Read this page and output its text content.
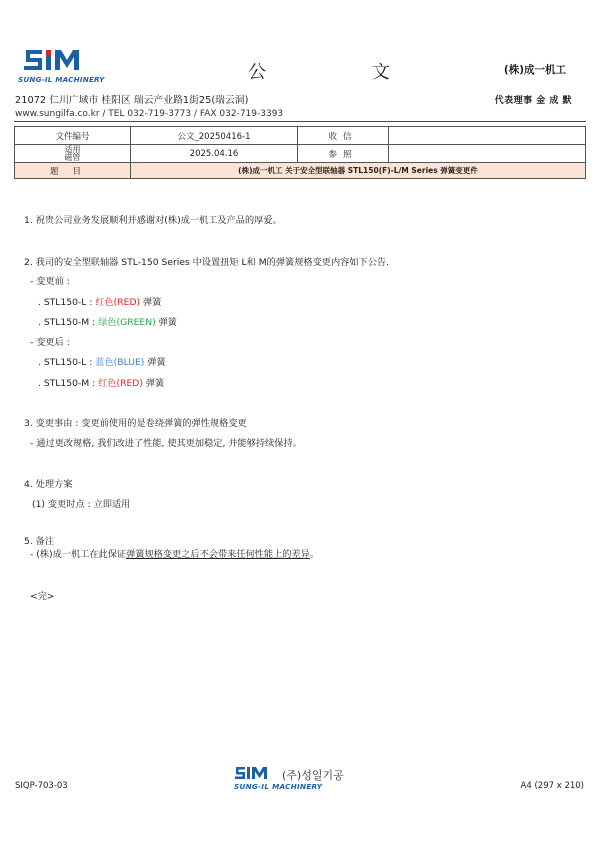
SUNG-IL MACHINERY	公 文	(株)成一机工
21072 仁川广域市 桂阳区 瑞云产业路1街25(瑞云洞)	代表理事 金 成 默
www.sungilfa.co.kr / TEL 032-719-3773 / FAX 032-719-3393
文件编号	公文_20250416-1	收信	

适用
磁管	2025.04.16	参照	
题目	(株)成一机工 关于安全型联轴器 STL150(F)-L/M Series 弹簧变更件		
1. 祝贵公司业务发展顺利并感谢对(株)成一机工及产品的厚爱。
2. 我司的安全型联轴器 STL-150 Series 中设置扭矩 L和 M的弹簧规格变更内容如下公告.
- 变更前 :
. STL150-L : 红色(RED) 弹簧
. STL150-M : 绿色(GREEN) 弹簧
- 变更后 :
. STL150-L : 蓝色(BLUE) 弹簧
. STL150-M : 红色(RED) 弹簧
3. 变更事由 : 变更前使用的是卷绕弹簧的弹性规格变更
- 通过更改规格, 我们改进了性能, 使其更加稳定, 并能够持续保持。
4. 处理方案
(1) 变更时点 : 立即适用
5. 备注
- (株)成一机工在此保证弹簧规格变更之后不会带来任何性能上的差异。
<完>
SIQP-703-03
(주)성일기공
SUNG-IL MACHINERY	A4 (297 x 210)
